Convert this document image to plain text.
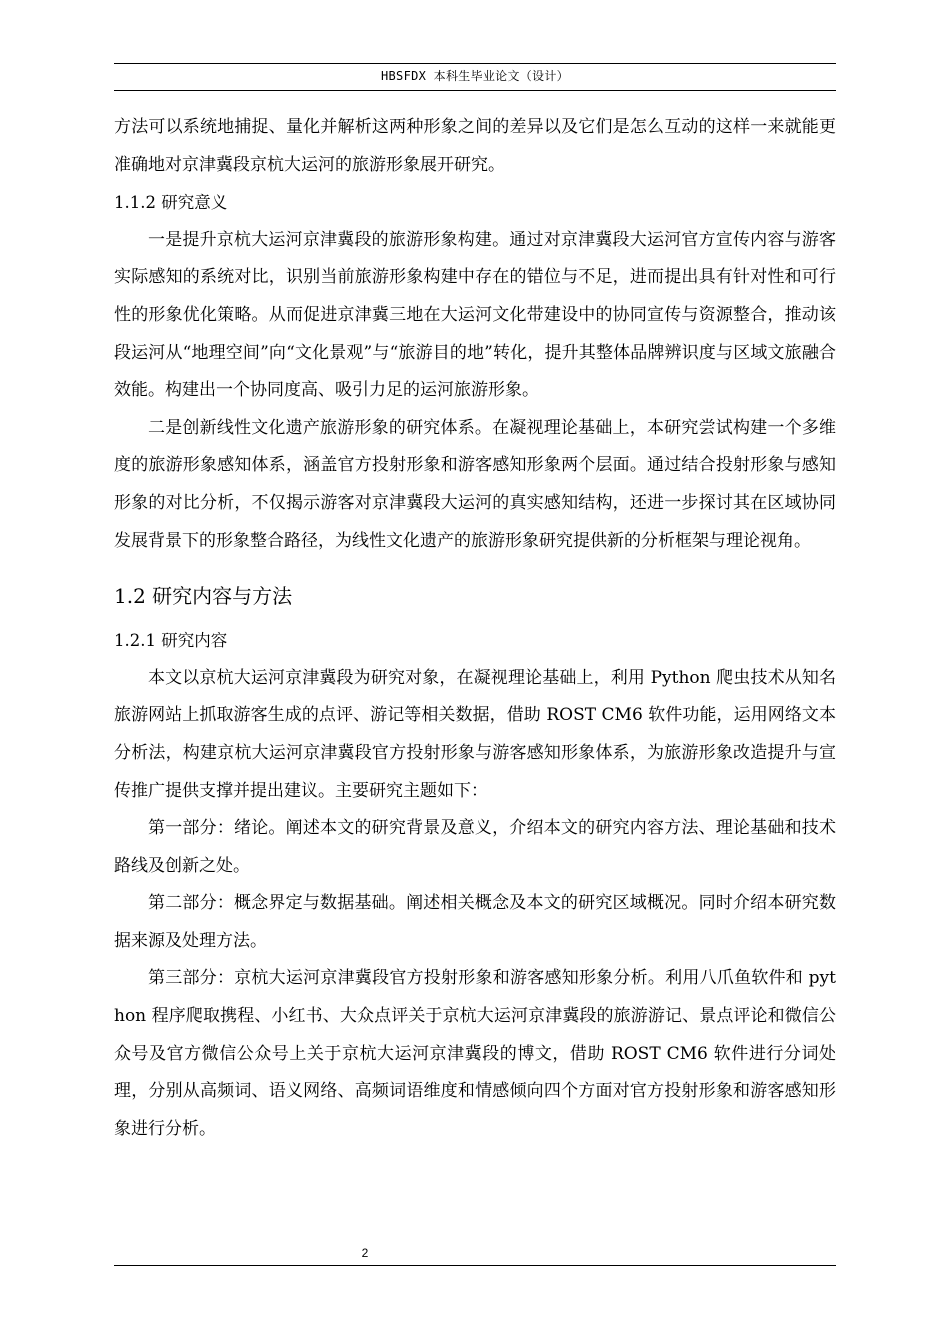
HBSFDX 本科生毕业论文（设计）

方法可以系统地捕捉、量化并解析这两种形象之间的差异以及它们是怎么互动的这样一来就能更准确地对京津冀段京杭大运河的旅游形象展开研究。

1.1.2 研究意义

一是提升京杭大运河京津冀段的旅游形象构建。通过对京津冀段大运河官方宣传内容与游客实际感知的系统对比，识别当前旅游形象构建中存在的错位与不足，进而提出具有针对性和可行性的形象优化策略。从而促进京津冀三地在大运河文化带建设中的协同宣传与资源整合，推动该段运河从“地理空间”向“文化景观”与“旅游目的地”转化，提升其整体品牌辨识度与区域文旅融合效能。构建出一个协同度高、吸引力足的运河旅游形象。

二是创新线性文化遗产旅游形象的研究体系。在凝视理论基础上，本研究尝试构建一个多维度的旅游形象感知体系，涵盖官方投射形象和游客感知形象两个层面。通过结合投射形象与感知形象的对比分析，不仅揭示游客对京津冀段大运河的真实感知结构，还进一步探讨其在区域协同发展背景下的形象整合路径，为线性文化遗产的旅游形象研究提供新的分析框架与理论视角。

1.2 研究内容与方法

1.2.1 研究内容

本文以京杭大运河京津冀段为研究对象，在凝视理论基础上，利用 Python 爬虫技术从知名旅游网站上抓取游客生成的点评、游记等相关数据，借助 ROST CM6 软件功能，运用网络文本分析法，构建京杭大运河京津冀段官方投射形象与游客感知形象体系，为旅游形象改造提升与宣传推广提供支撑并提出建议。主要研究主题如下：

第一部分：绪论。阐述本文的研究背景及意义，介绍本文的研究内容方法、理论基础和技术路线及创新之处。

第二部分：概念界定与数据基础。阐述相关概念及本文的研究区域概况。同时介绍本研究数据来源及处理方法。

第三部分：京杭大运河京津冀段官方投射形象和游客感知形象分析。利用八爪鱼软件和 python 程序爬取携程、小红书、大众点评关于京杭大运河京津冀段的旅游游记、景点评论和微信公众号及官方微信公众号上关于京杭大运河京津冀段的博文，借助 ROST CM6 软件进行分词处理，分别从高频词、语义网络、高频词语维度和情感倾向四个方面对官方投射形象和游客感知形象进行分析。

2
